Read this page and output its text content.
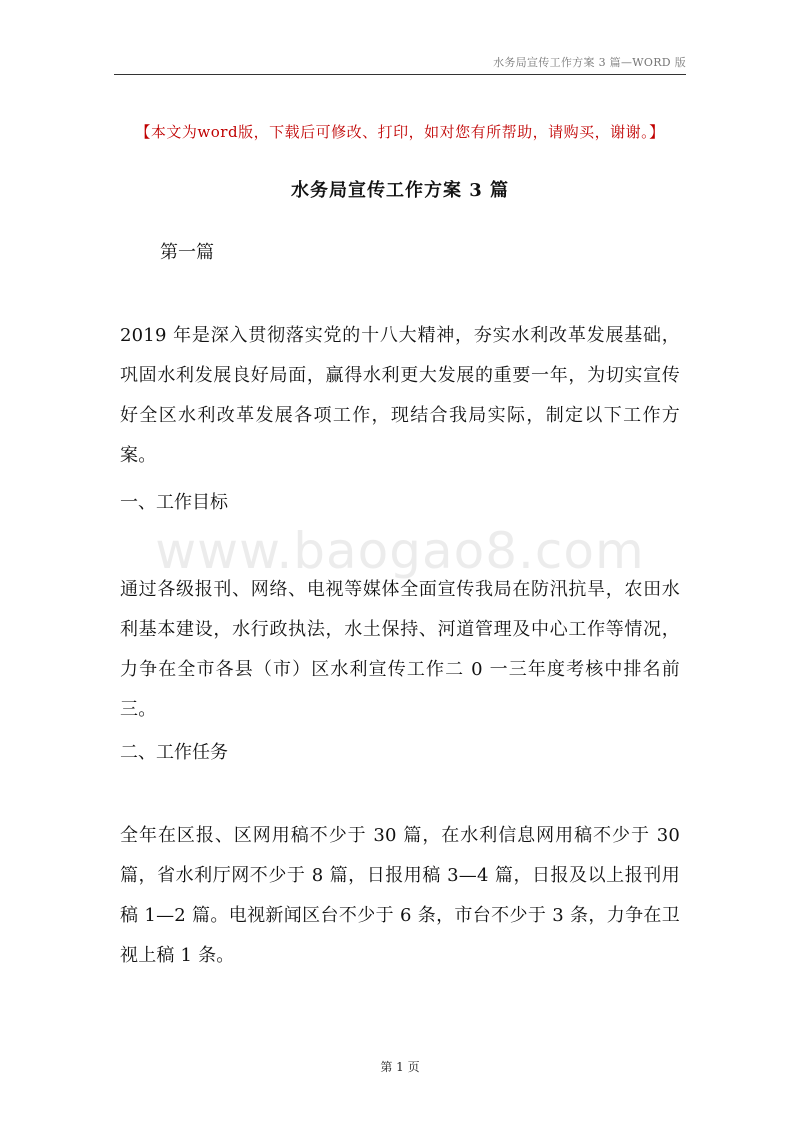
水务局宣传工作方案 3 篇—WORD 版
【本文为word版，下载后可修改、打印，如对您有所帮助，请购买，谢谢。】
水务局宣传工作方案 3 篇
第一篇
2019 年是深入贯彻落实党的十八大精神，夯实水利改革发展基础，巩固水利发展良好局面，赢得水利更大发展的重要一年，为切实宣传好全区水利改革发展各项工作，现结合我局实际，制定以下工作方案。
一、工作目标
www.baogao8.com
通过各级报刊、网络、电视等媒体全面宣传我局在防汛抗旱，农田水利基本建设，水行政执法，水土保持、河道管理及中心工作等情况，力争在全市各县（市）区水利宣传工作二 0 一三年度考核中排名前三。
二、工作任务
全年在区报、区网用稿不少于 30 篇，在水利信息网用稿不少于 30 篇，省水利厅网不少于 8 篇，日报用稿 3—4 篇，日报及以上报刊用稿 1—2 篇。电视新闻区台不少于 6 条，市台不少于 3 条，力争在卫视上稿 1 条。
第 1 页
